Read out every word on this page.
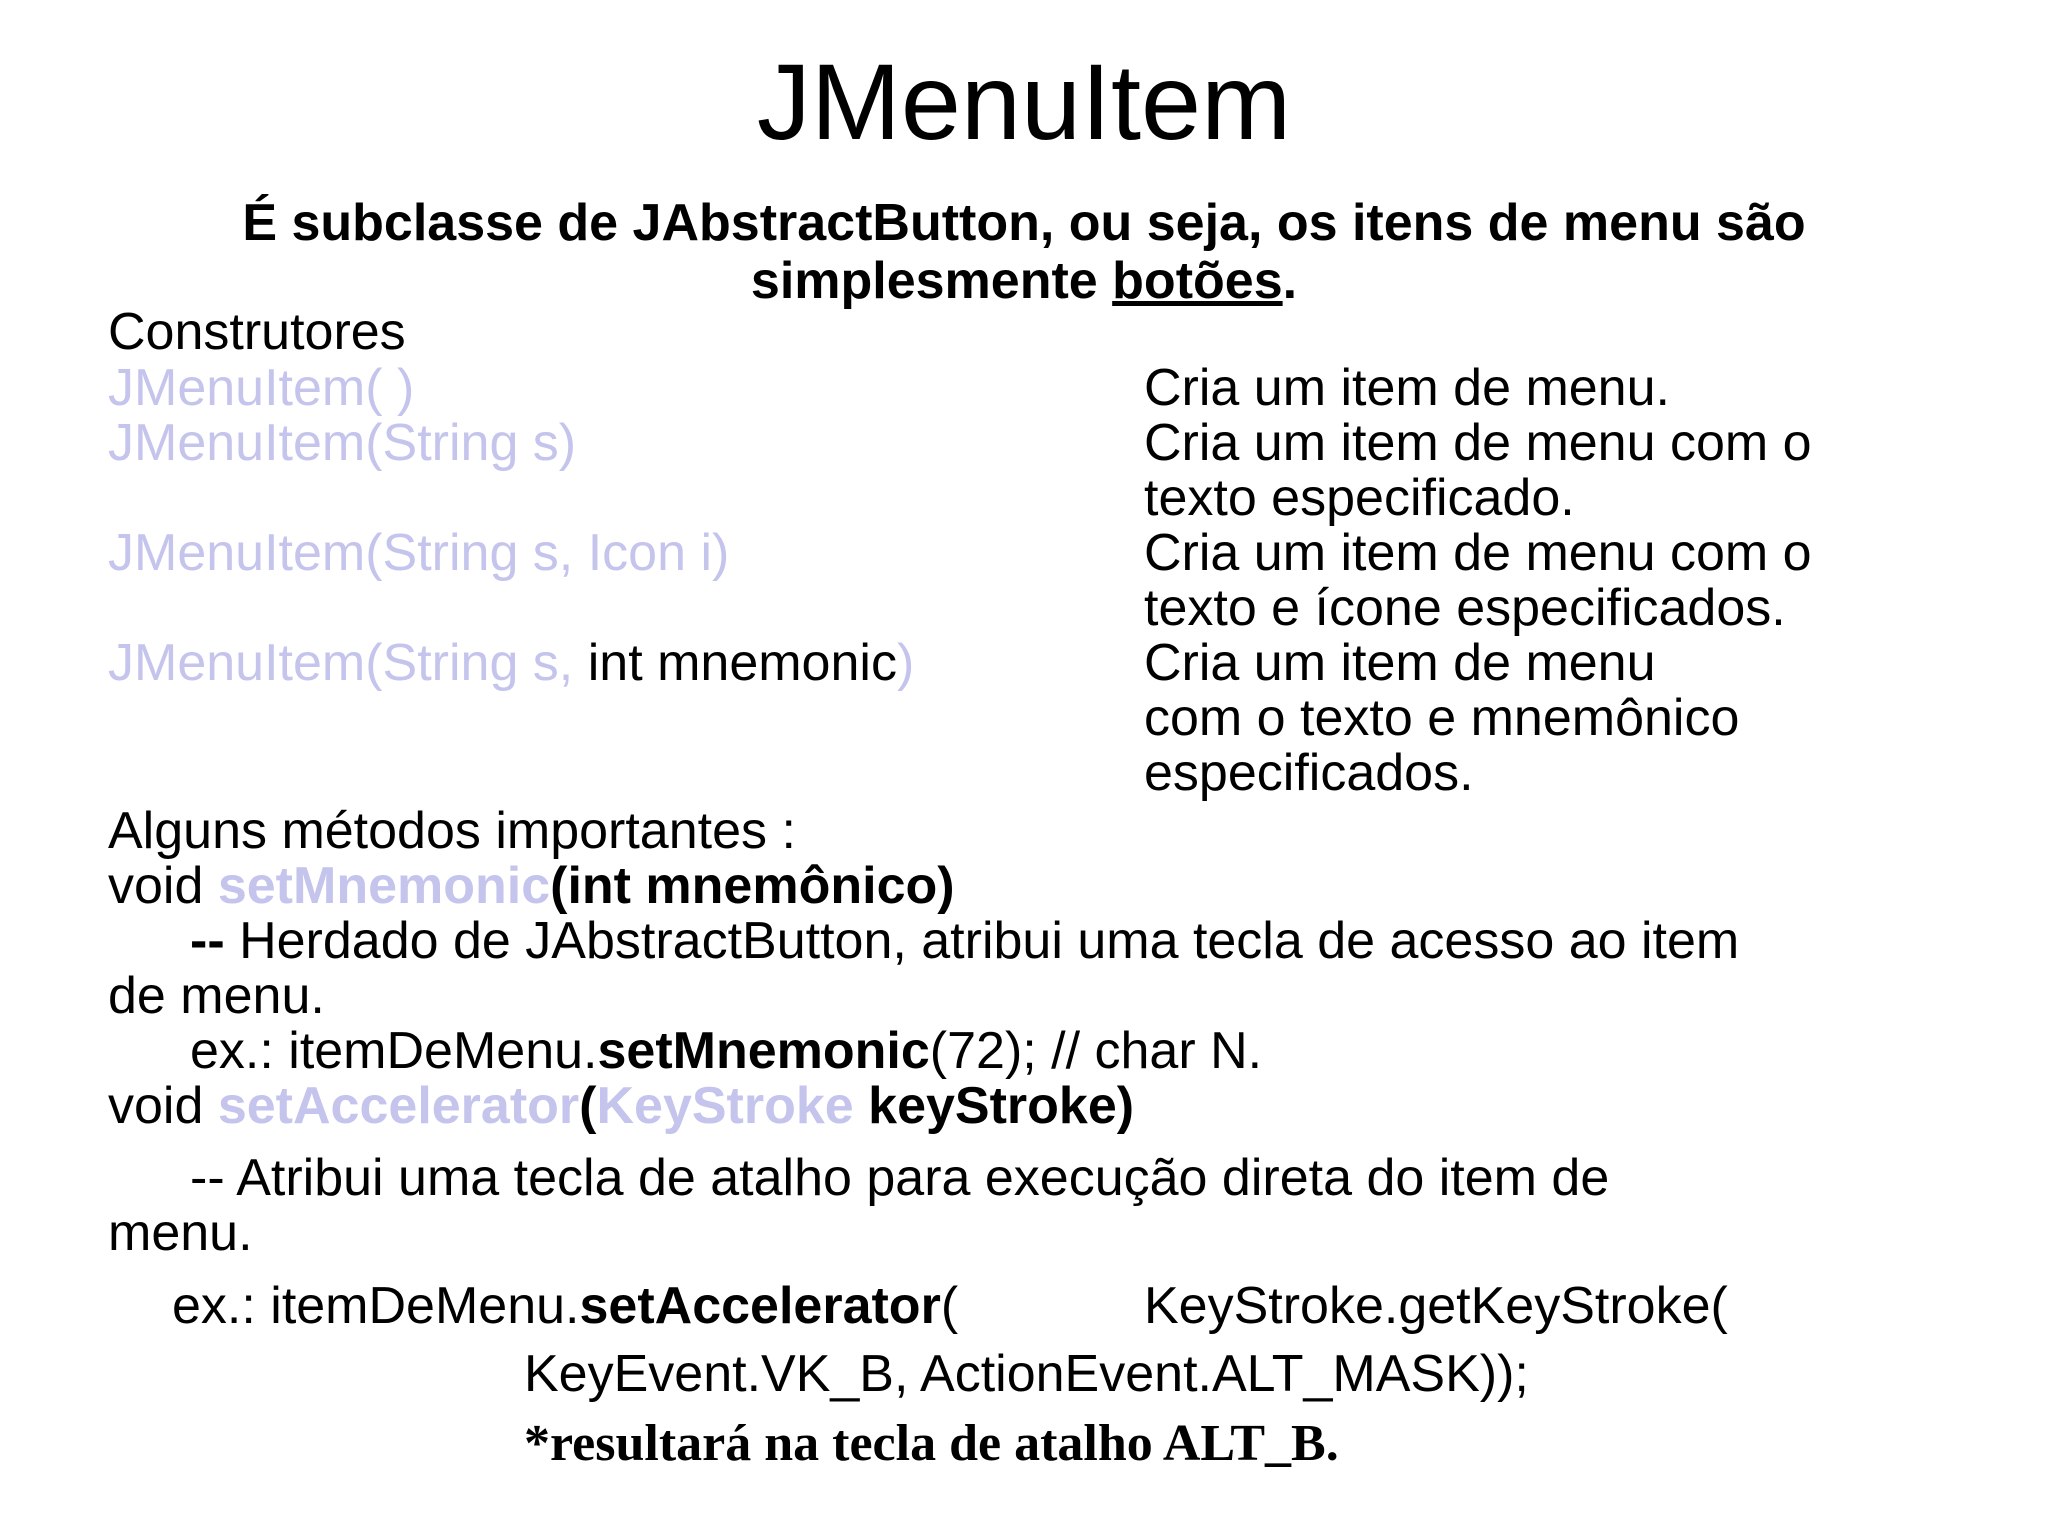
JMenuItem
É subclasse de JAbstractButton, ou seja, os itens de menu são
simplesmente botões.
Construtores
JMenuItem( )	Cria um item de menu.
JMenuItem(String s)	Cria um item de menu com o
texto especificado.
JMenuItem(String s, Icon i)	Cria um item de menu com o
texto e ícone especificados.
JMenuItem(String s, int mnemonic)	Cria um item de menu
com o texto e mnemônico
especificados.
Alguns métodos importantes :
void setMnemonic(int mnemônico)
-- Herdado de JAbstractButton, atribui uma tecla de acesso ao item
de menu.
ex.: itemDeMenu.setMnemonic(72); // char N.
void setAccelerator(KeyStroke keyStroke)
-- Atribui uma tecla de atalho para execução direta do item de
menu.
ex.: itemDeMenu.setAccelerator(	KeyStroke.getKeyStroke(
KeyEvent.VK_B, ActionEvent.ALT_MASK));
*resultará na tecla de atalho ALT_B.
